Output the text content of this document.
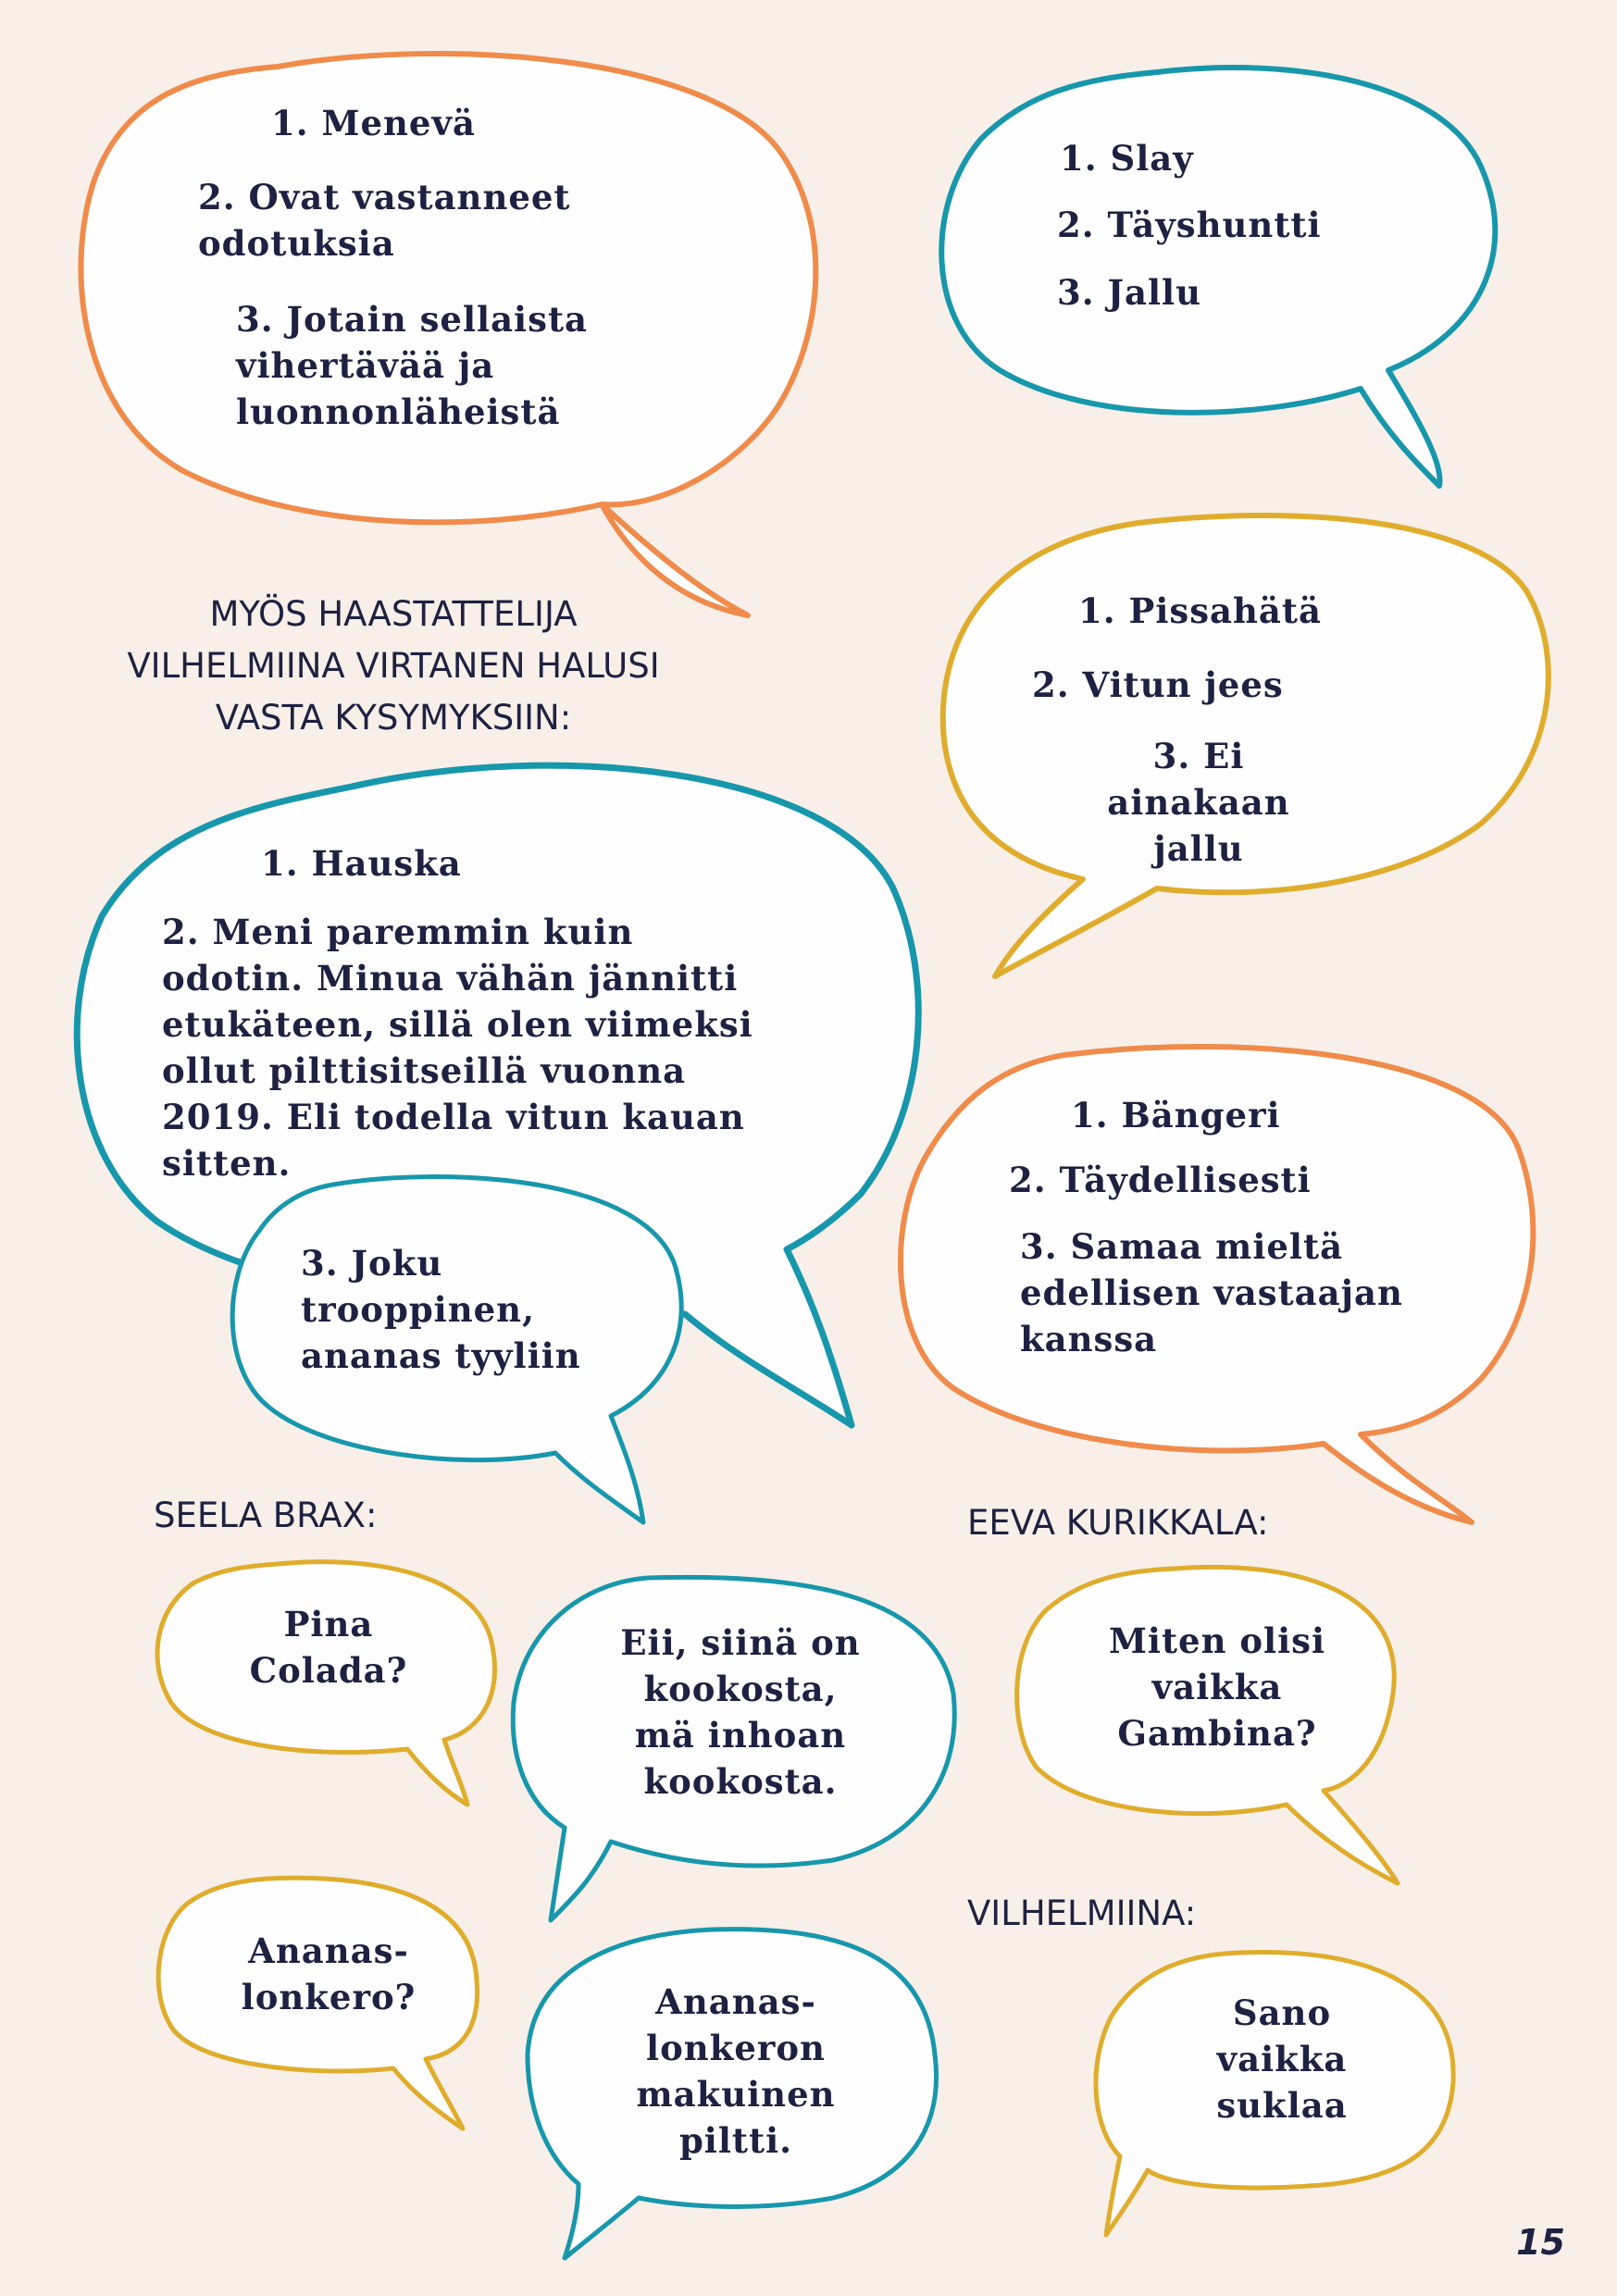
1. Menevä

2. Ovat vastanneet
odotuksia

3. Jotain sellaista
vihertävää ja
luonnonläheistä

1. Slay

2. Täyshuntti

3. Jallu

MYÖS HAASTATTELIJA
VILHELMIINA VIRTANEN HALUSI
VASTA KYSYMYKSIIN:

1. Pissahätä

2. Vitun jees

3. Ei ainakaan
jallu

1. Hauska

2. Meni paremmin kuin
odotin. Minua vähän jännitti
etukäteen, sillä olen viimeksi
ollut pilttisitseillä vuonna
2019. Eli todella vitun kauan
sitten.

3. Joku
trooppinen,
ananas tyyliin

1. Bängeri

2. Täydellisesti

3. Samaa mieltä
edellisen vastaajan
kanssa

SEELA BRAX:	EEVA KURIKKALA:

VILHELMIINA:

Pina
Colada?

Eii, siinä on
kookosta,
mä inhoan
kookosta.

Miten olisi
vaikka
Gambina?

Ananas-
lonkero?	Ananas-
lonkeron
makuinen
piltti.

Sano
vaikka
suklaa

15
